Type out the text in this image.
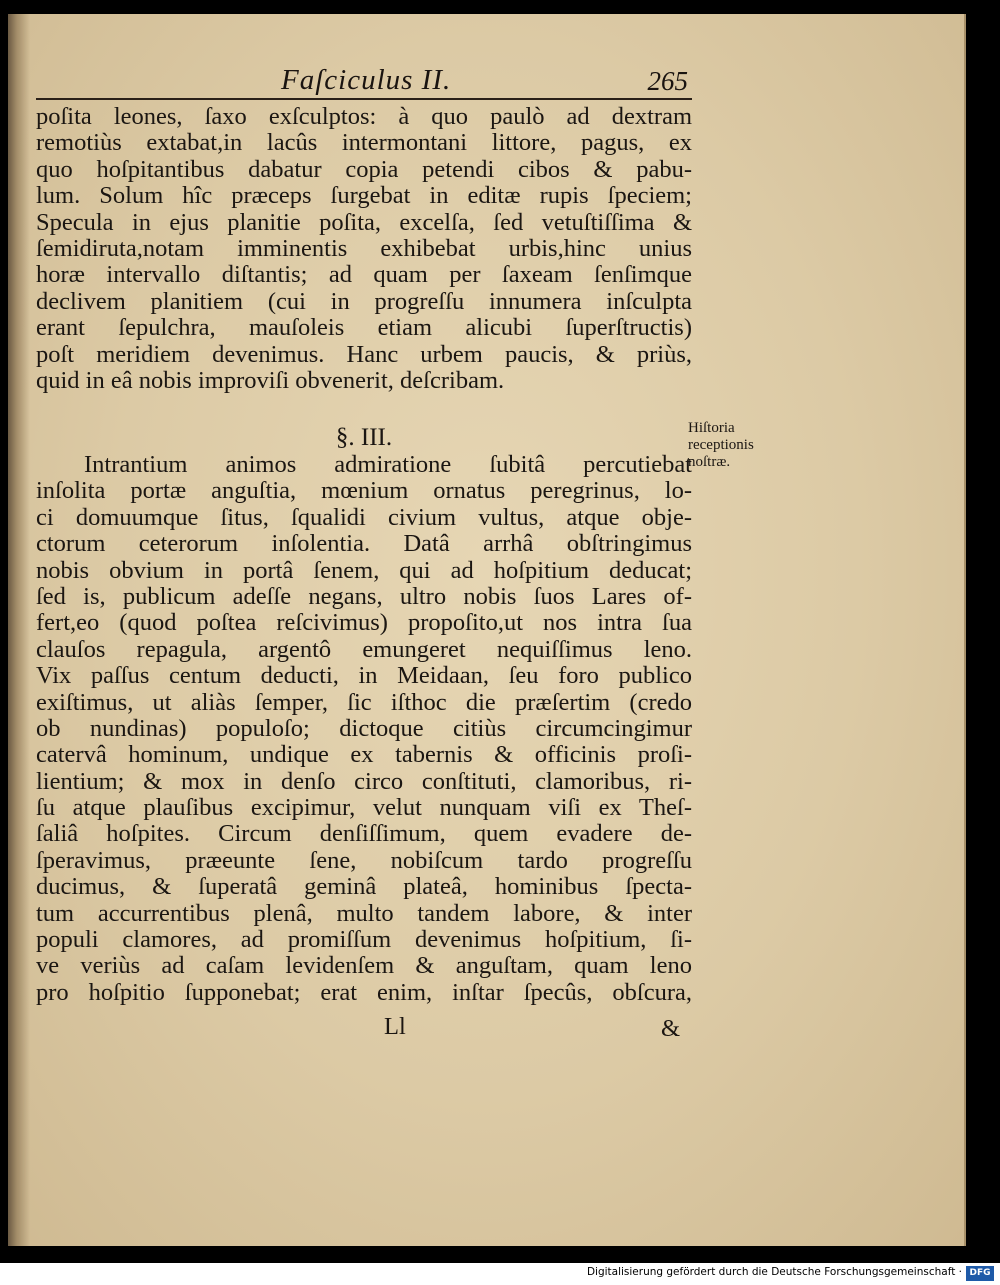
Faſciculus II.	265
poſita leones, ſaxo exſculptos: à quo paulò ad dextram
remotiùs extabat,in lacûs intermontani littore, pagus, ex
quo hoſpitantibus dabatur copia petendi cibos & pabu-
lum. Solum hîc præceps ſurgebat in editæ rupis ſpeciem;
Specula in ejus planitie poſita, excelſa, ſed vetuſtiſſima &
ſemidiruta,notam imminentis exhibebat urbis,hinc unius
horæ intervallo diſtantis; ad quam per ſaxeam ſenſimque
declivem planitiem (cui in progreſſu innumera inſculpta
erant ſepulchra, mauſoleis etiam alicubi ſuperſtructis)
poſt meridiem devenimus. Hanc urbem paucis, & priùs,
quid in eâ nobis improviſi obvenerit, deſcribam.
§. III.	Hiſtoria
receptionis
noſtræ.
Intrantium animos admiratione ſubitâ percutiebat
inſolita portæ anguſtia, mœnium ornatus peregrinus, lo-
ci domuumque ſitus, ſqualidi civium vultus, atque obje-
ctorum ceterorum inſolentia. Datâ arrhâ obſtringimus
nobis obvium in portâ ſenem, qui ad hoſpitium deducat;
ſed is, publicum adeſſe negans, ultro nobis ſuos Lares of-
fert,eo (quod poſtea reſcivimus) propoſito,ut nos intra ſua
clauſos repagula, argentô emungeret nequiſſimus leno.
Vix paſſus centum deducti, in Meidaan, ſeu foro publico
exiſtimus, ut aliàs ſemper, ſic iſthoc die præſertim (credo
ob nundinas) populoſo; dictoque citiùs circumcingimur
catervâ hominum, undique ex tabernis & officinis proſi-
lientium; & mox in denſo circo conſtituti, clamoribus, ri-
ſu atque plauſibus excipimur, velut nunquam viſi ex Theſ-
ſaliâ hoſpites. Circum denſiſſimum, quem evadere de-
ſperavimus, præeunte ſene, nobiſcum tardo progreſſu
ducimus, & ſuperatâ geminâ plateâ, hominibus ſpecta-
tum accurrentibus plenâ, multo tandem labore, & inter
populi clamores, ad promiſſum devenimus hoſpitium, ſi-
ve veriùs ad caſam levidenſem & anguſtam, quam leno
pro hoſpitio ſupponebat; erat enim, inſtar ſpecûs, obſcura,
Ll	&
Digitalisierung gefördert durch die Deutsche Forschungsgemeinschaft · DFG
